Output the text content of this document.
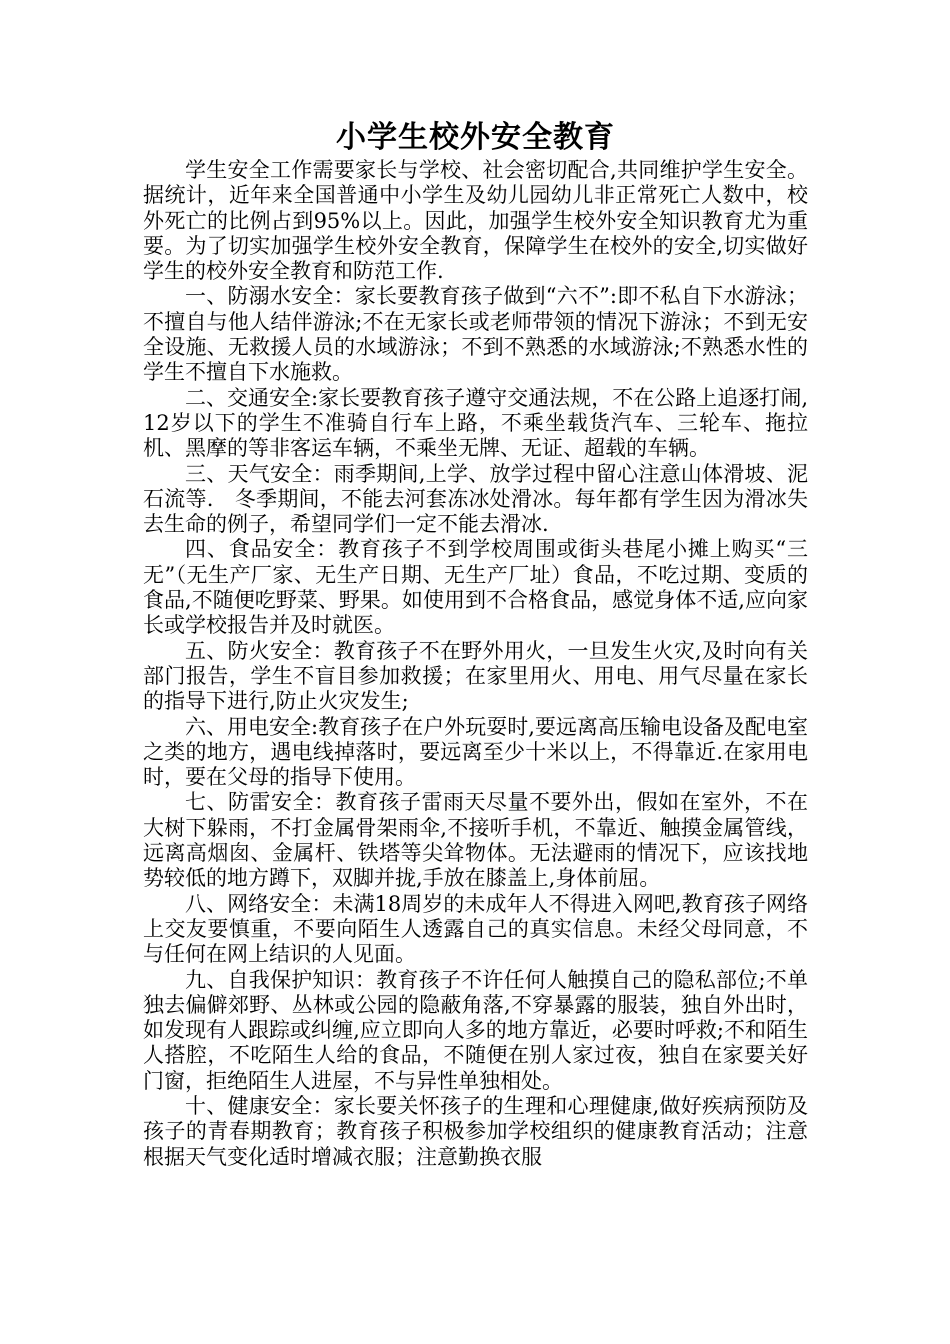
小学生校外安全教育

学生安全工作需要家长与学校、社会密切配合,共同维护学生安全。据统计，近年来全国普通中小学生及幼儿园幼儿非正常死亡人数中，校外死亡的比例占到95%以上。因此，加强学生校外安全知识教育尤为重要。为了切实加强学生校外安全教育，保障学生在校外的安全,切实做好学生的校外安全教育和防范工作.

一、防溺水安全：家长要教育孩子做到“六不”:即不私自下水游泳；不擅自与他人结伴游泳;不在无家长或老师带领的情况下游泳；不到无安全设施、无救援人员的水域游泳；不到不熟悉的水域游泳;不熟悉水性的学生不擅自下水施救。

二、交通安全:家长要教育孩子遵守交通法规，不在公路上追逐打闹,12岁以下的学生不准骑自行车上路，不乘坐载货汽车、三轮车、拖拉机、黑摩的等非客运车辆，不乘坐无牌、无证、超载的车辆。

三、天气安全：雨季期间,上学、放学过程中留心注意山体滑坡、泥石流等.　冬季期间，不能去河套冻冰处滑冰。每年都有学生因为滑冰失去生命的例子，希望同学们一定不能去滑冰.

四、食品安全：教育孩子不到学校周围或街头巷尾小摊上购买“三无”（无生产厂家、无生产日期、无生产厂址）食品，不吃过期、变质的食品,不随便吃野菜、野果。如使用到不合格食品，感觉身体不适,应向家长或学校报告并及时就医。

五、防火安全：教育孩子不在野外用火，一旦发生火灾,及时向有关部门报告，学生不盲目参加救援；在家里用火、用电、用气尽量在家长的指导下进行,防止火灾发生;

六、用电安全:教育孩子在户外玩耍时,要远离高压输电设备及配电室之类的地方，遇电线掉落时，要远离至少十米以上，不得靠近.在家用电时，要在父母的指导下使用。

七、防雷安全：教育孩子雷雨天尽量不要外出，假如在室外，不在大树下躲雨，不打金属骨架雨伞,不接听手机，不靠近、触摸金属管线，远离高烟囱、金属杆、铁塔等尖耸物体。无法避雨的情况下，应该找地势较低的地方蹲下，双脚并拢,手放在膝盖上,身体前屈。

八、网络安全：未满18周岁的未成年人不得进入网吧,教育孩子网络上交友要慎重，不要向陌生人透露自己的真实信息。未经父母同意，不与任何在网上结识的人见面。

九、自我保护知识：教育孩子不许任何人触摸自己的隐私部位;不单独去偏僻郊野、丛林或公园的隐蔽角落,不穿暴露的服装，独自外出时，如发现有人跟踪或纠缠,应立即向人多的地方靠近，必要时呼救;不和陌生人搭腔，不吃陌生人给的食品，不随便在别人家过夜，独自在家要关好门窗，拒绝陌生人进屋，不与异性单独相处。

十、健康安全：家长要关怀孩子的生理和心理健康,做好疾病预防及孩子的青春期教育；教育孩子积极参加学校组织的健康教育活动；注意根据天气变化适时增减衣服；注意勤换衣服
